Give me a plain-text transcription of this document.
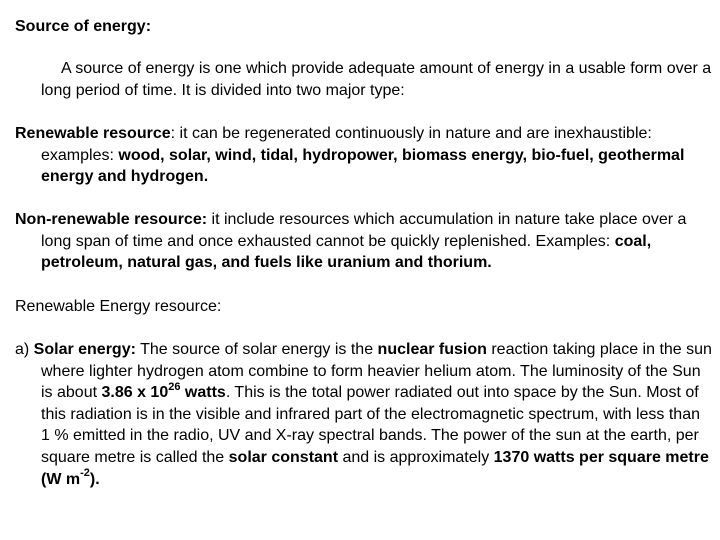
Source of energy:

A source of energy is one which provide adequate amount of energy in a usable form over a long period of time. It is divided into two major type:

Renewable resource: it can be regenerated continuously in nature and are inexhaustible: examples: wood, solar, wind, tidal, hydropower, biomass energy, bio-fuel, geothermal energy and hydrogen.

Non-renewable resource: it include resources which accumulation in nature take place over a long span of time and once exhausted cannot be quickly replenished. Examples: coal, petroleum, natural gas, and fuels like uranium and thorium.

Renewable Energy resource:

a) Solar energy: The source of solar energy is the nuclear fusion reaction taking place in the sun where lighter hydrogen atom combine to form heavier helium atom. The luminosity of the Sun is about 3.86 x $10^{26}$ watts. This is the total power radiated out into space by the Sun. Most of this radiation is in the visible and infrared part of the electromagnetic spectrum, with less than 1 % emitted in the radio, UV and X-ray spectral bands. The power of the sun at the earth, per square metre is called the solar constant and is approximately 1370 watts per square metre (W $m^{-2}$).
